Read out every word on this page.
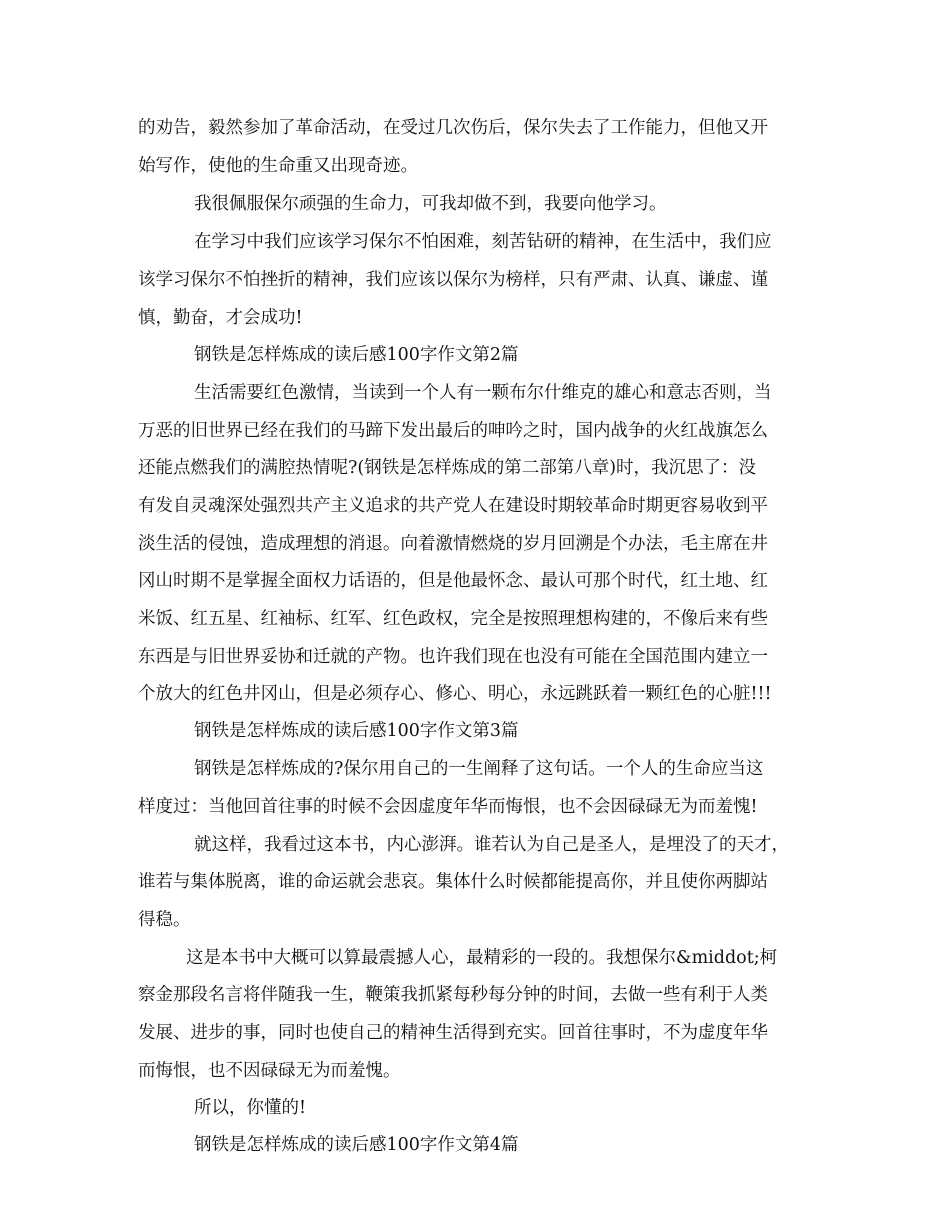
的劝告，毅然参加了革命活动，在受过几次伤后，保尔失去了工作能力，但他又开
始写作，使他的生命重又出现奇迹。
我很佩服保尔顽强的生命力，可我却做不到，我要向他学习。
在学习中我们应该学习保尔不怕困难，刻苦钻研的精神，在生活中，我们应
该学习保尔不怕挫折的精神，我们应该以保尔为榜样，只有严肃、认真、谦虚、谨
慎，勤奋，才会成功!
钢铁是怎样炼成的读后感100字作文第2篇
生活需要红色激情，当读到一个人有一颗布尔什维克的雄心和意志否则，当
万恶的旧世界已经在我们的马蹄下发出最后的呻吟之时，国内战争的火红战旗怎么
还能点燃我们的满腔热情呢?(钢铁是怎样炼成的第二部第八章)时，我沉思了：没
有发自灵魂深处强烈共产主义追求的共产党人在建设时期较革命时期更容易收到平
淡生活的侵蚀，造成理想的消退。向着激情燃烧的岁月回溯是个办法，毛主席在井
冈山时期不是掌握全面权力话语的，但是他最怀念、最认可那个时代，红土地、红
米饭、红五星、红袖标、红军、红色政权，完全是按照理想构建的，不像后来有些
东西是与旧世界妥协和迁就的产物。也许我们现在也没有可能在全国范围内建立一
个放大的红色井冈山，但是必须存心、修心、明心，永远跳跃着一颗红色的心脏!!!
钢铁是怎样炼成的读后感100字作文第3篇
钢铁是怎样炼成的?保尔用自己的一生阐释了这句话。一个人的生命应当这
样度过：当他回首往事的时候不会因虚度年华而悔恨，也不会因碌碌无为而羞愧!
就这样，我看过这本书，内心澎湃。谁若认为自己是圣人，是埋没了的天才，
谁若与集体脱离，谁的命运就会悲哀。集体什么时候都能提高你，并且使你两脚站
得稳。
这是本书中大概可以算最震撼人心，最精彩的一段的。我想保尔&middot;柯
察金那段名言将伴随我一生，鞭策我抓紧每秒每分钟的时间，去做一些有利于人类
发展、进步的事，同时也使自己的精神生活得到充实。回首往事时，不为虚度年华
而悔恨，也不因碌碌无为而羞愧。
所以，你懂的!
钢铁是怎样炼成的读后感100字作文第4篇
